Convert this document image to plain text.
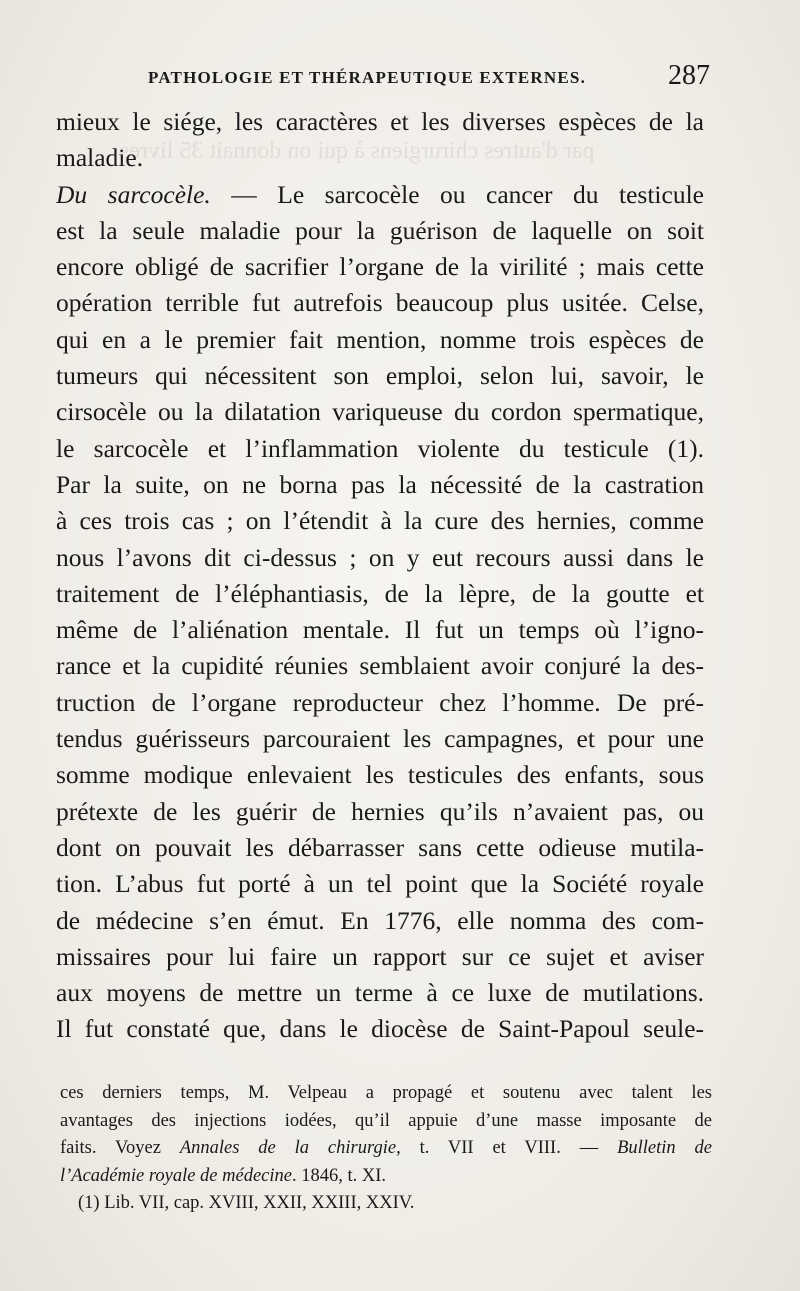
par d'autres chirurgiens à qui on donnait 35 livres
PATHOLOGIE ET THÉRAPEUTIQUE EXTERNES.	287
mieux le siége, les caractères et les diverses espèces de la
maladie.
Du sarcocèle. — Le sarcocèle ou cancer du testicule
est la seule maladie pour la guérison de laquelle on soit
encore obligé de sacrifier l’organe de la virilité ; mais cette
opération terrible fut autrefois beaucoup plus usitée. Celse,
qui en a le premier fait mention, nomme trois espèces de
tumeurs qui nécessitent son emploi, selon lui, savoir, le
cirsocèle ou la dilatation variqueuse du cordon spermatique,
le sarcocèle et l’inflammation violente du testicule (1).
Par la suite, on ne borna pas la nécessité de la castration
à ces trois cas ; on l’étendit à la cure des hernies, comme
nous l’avons dit ci-dessus ; on y eut recours aussi dans le
traitement de l’éléphantiasis, de la lèpre, de la goutte et
même de l’aliénation mentale. Il fut un temps où l’igno-
rance et la cupidité réunies semblaient avoir conjuré la des-
truction de l’organe reproducteur chez l’homme. De pré-
tendus guérisseurs parcouraient les campagnes, et pour une
somme modique enlevaient les testicules des enfants, sous
prétexte de les guérir de hernies qu’ils n’avaient pas, ou
dont on pouvait les débarrasser sans cette odieuse mutila-
tion. L’abus fut porté à un tel point que la Société royale
de médecine s’en émut. En 1776, elle nomma des com-
missaires pour lui faire un rapport sur ce sujet et aviser
aux moyens de mettre un terme à ce luxe de mutilations.
Il fut constaté que, dans le diocèse de Saint-Papoul seule-
ces derniers temps, M. Velpeau a propagé et soutenu avec talent les
avantages des injections iodées, qu’il appuie d’une masse imposante de
faits. Voyez Annales de la chirurgie, t. VII et VIII. — Bulletin de
l’Académie royale de médecine. 1846, t. XI.
(1) Lib. VII, cap. XVIII, XXII, XXIII, XXIV.
